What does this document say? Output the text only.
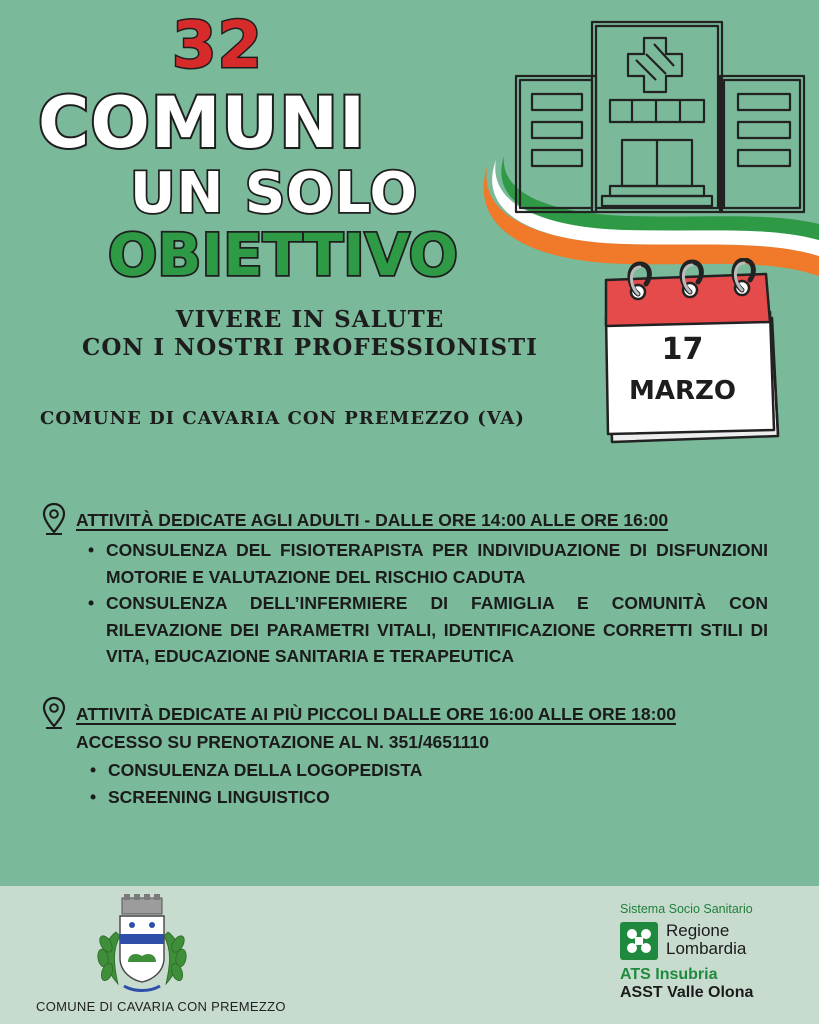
32
COMUNI
UN SOLO
OBIETTIVO
VIVERE IN SALUTE
CON I NOSTRI PROFESSIONISTI
COMUNE DI CAVARIA CON PREMEZZO (VA)
17
MARZO
ATTIVITÀ DEDICATE AGLI ADULTI - DALLE ORE 14:00 ALLE ORE 16:00
• CONSULENZA DEL FISIOTERAPISTA PER INDIVIDUAZIONE DI DISFUNZIONI MOTORIE E VALUTAZIONE DEL RISCHIO CADUTA
• CONSULENZA DELL’INFERMIERE DI FAMIGLIA E COMUNITÀ CON RILEVAZIONE DEI PARAMETRI VITALI, IDENTIFICAZIONE CORRETTI STILI DI VITA, EDUCAZIONE SANITARIA E TERAPEUTICA
ATTIVITÀ DEDICATE AI PIÙ PICCOLI DALLE ORE 16:00 ALLE ORE 18:00
ACCESSO SU PRENOTAZIONE AL N. 351/4651110
• CONSULENZA DELLA LOGOPEDISTA
• SCREENING LINGUISTICO
COMUNE DI CAVARIA CON PREMEZZO
Sistema Socio Sanitario
Regione
Lombardia
ATS Insubria
ASST Valle Olona
